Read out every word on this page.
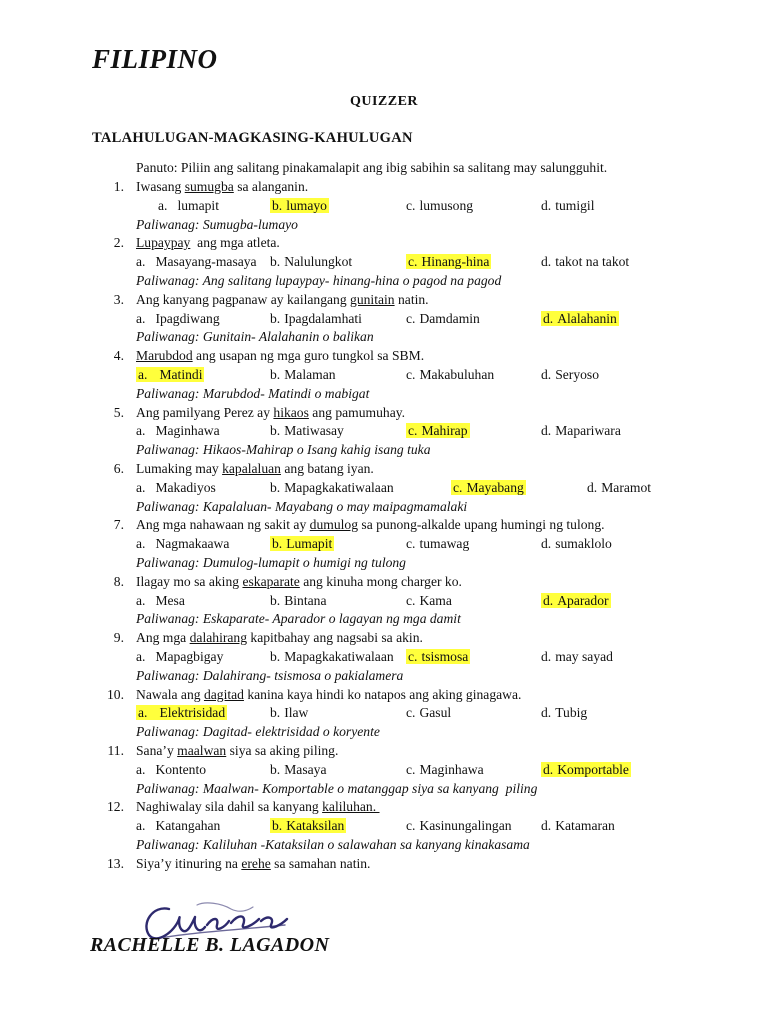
FILIPINO
QUIZZER
TALAHULUGAN-MAGKASING-KAHULUGAN
Panuto: Piliin ang salitang pinakamalapit ang ibig sabihin sa salitang may salungguhit.
1. Iwasang sumugba sa alanganin.
a. lumapit	b. lumayo	c. lumusong	d. tumigil
Paliwanag: Sumugba-lumayo
2. Lupaypay  ang mga atleta.
a. Masayang-masaya b. Nalulungkot	c. Hinang-hina	d. takot na takot
Paliwanag: Ang salitang lupaypay- hinang-hina o pagod na pagod
3. Ang kanyang pagpanaw ay kailangang gunitain natin.
a. Ipagdiwang	b. Ipagdalamhati	c. Damdamin	d. Alalahanin
Paliwanag: Gunitain- Alalahanin o balikan
4. Marubdod ang usapan ng mga guro tungkol sa SBM.
a. Matindi	b. Malaman	c. Makabuluhan	d. Seryoso
Paliwanag: Marubdod- Matindi o mabigat
5. Ang pamilyang Perez ay hikaos ang pamumuhay.
a. Maginhawa	b. Matiwasay	c. Mahirap	d. Mapariwara
Paliwanag: Hikaos-Mahirap o Isang kahig isang tuka
6. Lumaking may kapalaluan ang batang iyan.
a. Makadiyos	b. Mapagkakatiwalaan	c. Mayabang	d. Maramot
Paliwanag: Kapalaluan- Mayabang o may maipagmamalaki
7. Ang mga nahawaan ng sakit ay dumulog sa punong-alkalde upang humingi ng tulong.
a. Nagmakaawa	b. Lumapit	c. tumawag	d. sumaklolo
Paliwanag: Dumulog-lumapit o humigi ng tulong
8. Ilagay mo sa aking eskaparate ang kinuha mong charger ko.
a. Mesa	b. Bintana	c. Kama	d. Aparador
Paliwanag: Eskaparate- Aparador o lagayan ng mga damit
9. Ang mga dalahirang kapitbahay ang nagsabi sa akin.
a. Mapagbigay	b. Mapagkakatiwalaan c. tsismosa	d. may sayad
Paliwanag: Dalahirang- tsismosa o pakialamera
10. Nawala ang dagitad kanina kaya hindi ko natapos ang aking ginagawa.
a. Elektrisidad	b. Ilaw	c. Gasul	d. Tubig
Paliwanag: Dagitad- elektrisidad o koryente
11. Sana’y maalwan siya sa aking piling.
a. Kontento	b. Masaya	c. Maginhawa	d. Komportable
Paliwanag: Maalwan- Komportable o matanggap siya sa kanyang  piling
12. Naghiwalay sila dahil sa kanyang kaliluhan.
a. Katangahan	b. Kataksilan	c. Kasinungalingan d. Katamaran
Paliwanag: Kaliluhan -Kataksilan o salawahan sa kanyang kinakasama
13. Siya’y itinuring na erehe sa samahan natin.
RACHELLE B. LAGADON
